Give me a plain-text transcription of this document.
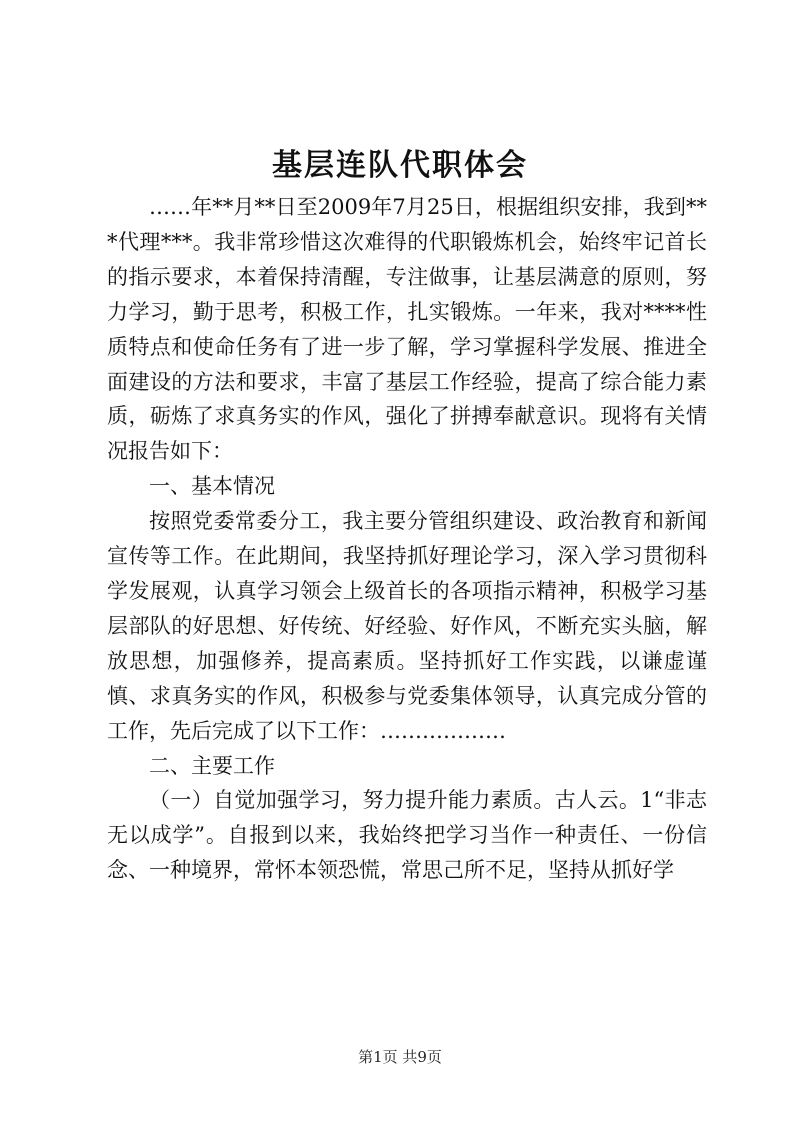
基层连队代职体会

……年**月**日至2009年7月25日，根据组织安排，我到***代理***。我非常珍惜这次难得的代职锻炼机会，始终牢记首长的指示要求，本着保持清醒，专注做事，让基层满意的原则，努力学习，勤于思考，积极工作，扎实锻炼。一年来，我对****性质特点和使命任务有了进一步了解，学习掌握科学发展、推进全面建设的方法和要求，丰富了基层工作经验，提高了综合能力素质，砺炼了求真务实的作风，强化了拼搏奉献意识。现将有关情况报告如下：

一、基本情况

按照党委常委分工，我主要分管组织建设、政治教育和新闻宣传等工作。在此期间，我坚持抓好理论学习，深入学习贯彻科学发展观，认真学习领会上级首长的各项指示精神，积极学习基层部队的好思想、好传统、好经验、好作风，不断充实头脑，解放思想，加强修养，提高素质。坚持抓好工作实践，以谦虚谨慎、求真务实的作风，积极参与党委集体领导，认真完成分管的工作，先后完成了以下工作：………………

二、主要工作

（一）自觉加强学习，努力提升能力素质。古人云。1“非志无以成学”。自报到以来，我始终把学习当作一种责任、一份信念、一种境界，常怀本领恐慌，常思己所不足，坚持从抓好学

第1页 共9页
